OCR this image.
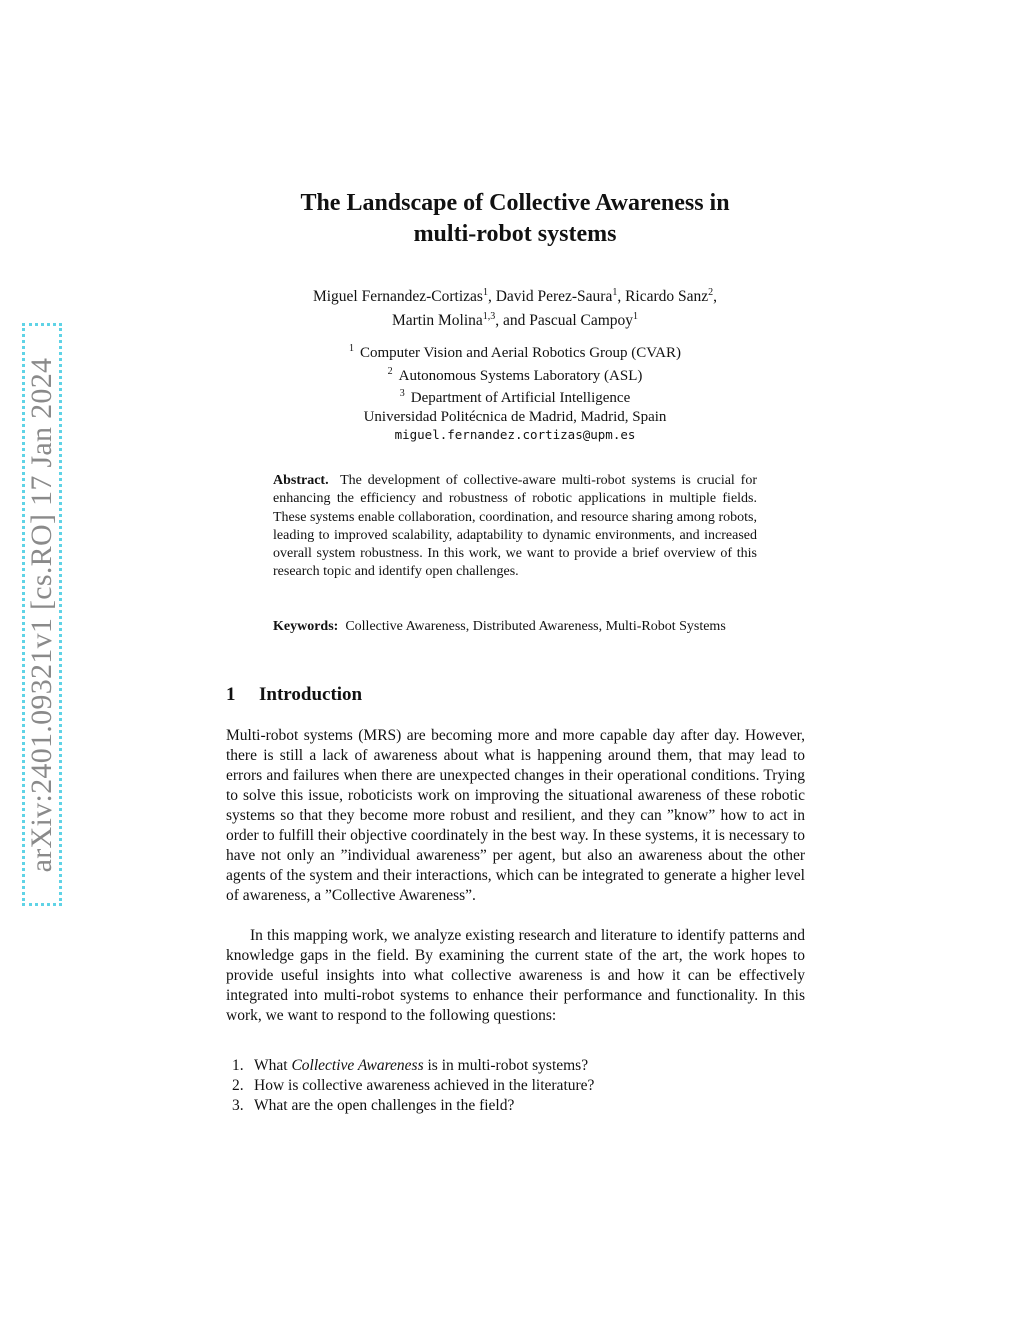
arXiv:2401.09321v1 [cs.RO] 17 Jan 2024
The Landscape of Collective Awareness in
multi-robot systems
Miguel Fernandez-Cortizas$^1$, David Perez-Saura$^1$, Ricardo Sanz$^2$,
Martin Molina$^{1,3}$, and Pascual Campoy$^1$
$^1$ Computer Vision and Aerial Robotics Group (CVAR)
$^2$ Autonomous Systems Laboratory (ASL)
$^3$ Department of Artificial Intelligence
Universidad Politécnica de Madrid, Madrid, Spain
miguel.fernandez.cortizas@upm.es
Abstract. The development of collective-aware multi-robot systems is crucial for enhancing the efficiency and robustness of robotic applications in multiple fields. These systems enable collaboration, coordination, and resource sharing among robots, leading to improved scalability, adaptability to dynamic environments, and increased overall system robustness. In this work, we want to provide a brief overview of this research topic and identify open challenges.
Keywords: Collective Awareness, Distributed Awareness, Multi-Robot Systems
1 Introduction
Multi-robot systems (MRS) are becoming more and more capable day after day. However, there is still a lack of awareness about what is happening around them, that may lead to errors and failures when there are unexpected changes in their operational conditions. Trying to solve this issue, roboticists work on improving the situational awareness of these robotic systems so that they become more robust and resilient, and they can ”know” how to act in order to fulfill their objective coordinately in the best way. In these systems, it is necessary to have not only an ”individual awareness” per agent, but also an awareness about the other agents of the system and their interactions, which can be integrated to generate a higher level of awareness, a ”Collective Awareness”.
In this mapping work, we analyze existing research and literature to identify patterns and knowledge gaps in the field. By examining the current state of the art, the work hopes to provide useful insights into what collective awareness is and how it can be effectively integrated into multi-robot systems to enhance their performance and functionality. In this work, we want to respond to the following questions:
1. What Collective Awareness is in multi-robot systems?
2. How is collective awareness achieved in the literature?
3. What are the open challenges in the field?
